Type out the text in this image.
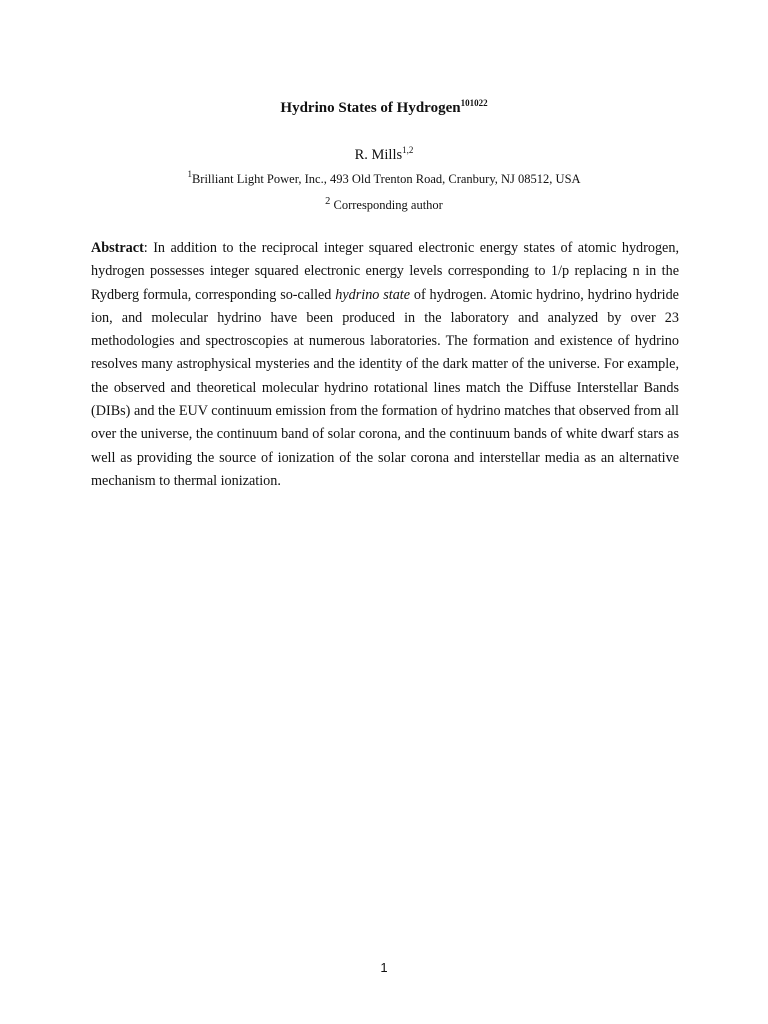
Hydrino States of Hydrogen$^{101022}$
R. Mills$^{1,2}$
$^1$Brilliant Light Power, Inc., 493 Old Trenton Road, Cranbury, NJ 08512, USA
$^2$ Corresponding author

Abstract: In addition to the reciprocal integer squared electronic energy states of atomic hydrogen, hydrogen possesses integer squared electronic energy levels corresponding to 1/p replacing n in the Rydberg formula, corresponding so-called hydrino state of hydrogen. Atomic hydrino, hydrino hydride ion, and molecular hydrino have been produced in the laboratory and analyzed by over 23 methodologies and spectroscopies at numerous laboratories. The formation and existence of hydrino resolves many astrophysical mysteries and the identity of the dark matter of the universe. For example, the observed and theoretical molecular hydrino rotational lines match the Diffuse Interstellar Bands (DIBs) and the EUV continuum emission from the formation of hydrino matches that observed from all over the universe, the continuum band of solar corona, and the continuum bands of white dwarf stars as well as providing the source of ionization of the solar corona and interstellar media as an alternative mechanism to thermal ionization.

1
